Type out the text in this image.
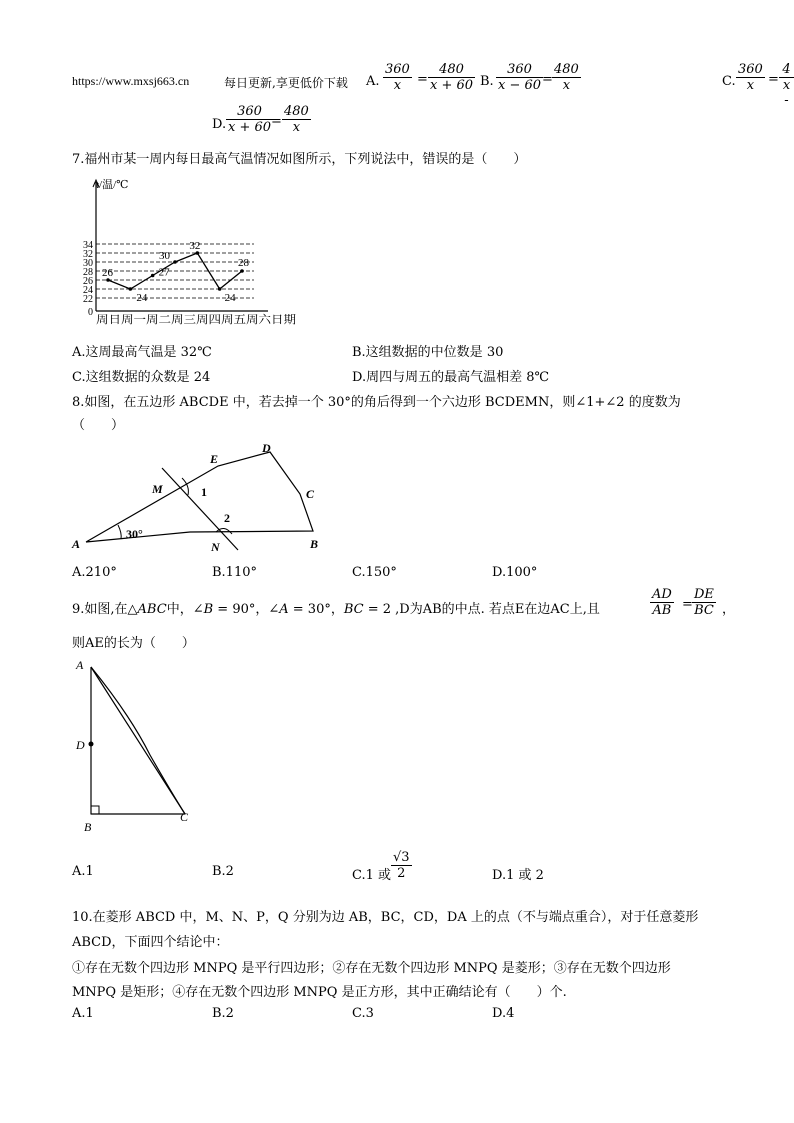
https://www.mxsj663.cn	每日更新,享更低价下载 A. $\frac{360}{x} = \frac{480}{x + 60} B$. $\frac{360}{x - 60}$
= $\frac{480}{x}$	C. $\frac{360}{x} = \frac{4}{x -}$
D. $\frac{360}{x + 60}$
= $\frac{480}{x}$
7.福州市某一周内每日最高气温情况如图所示，下列说法中，错误的是（　　）
0
22
24
26
28
30
32
34
26
24
27
30
32
24
28
t/温/℃
周日周一周二周三周四周五周六日期
A.这周最高气温是 32℃	B.这组数据的中位数是 30
C.这组数据的众数是 24	D.周四与周五的最高气温相差 8℃
8.如图，在五边形 ABCDE 中，若去掉一个 30°的角后得到一个六边形 BCDEMN，则∠1+∠2 的度数为
（　　）
A	B
C
D
E
M
N
1
2
30°
A.210°	B.110°	C.150°	D.100°
9.如图,在△ABC中，∠B = 90°，∠A = 30°，BC = 2 ,D为AB的中点. 若点E在边AC上,且	$\frac{AD}{AB} = \frac{DE}{BC}$ ，
则AE的长为（　　）
A
D
B
C
A.1	B.2	C.1 或 $\frac{√3}{2}$	D.1 或 2
10.在菱形 ABCD 中，M、N、P，Q 分别为边 AB，BC，CD，DA 上的点（不与端点重合），对于任意菱形
ABCD，下面四个结论中：
①存在无数个四边形 MNPQ 是平行四边形；②存在无数个四边形 MNPQ 是菱形；③存在无数个四边形
MNPQ 是矩形；④存在无数个四边形 MNPQ 是正方形，其中正确结论有（　　）个.
A.1	B.2	C.3	D.4
